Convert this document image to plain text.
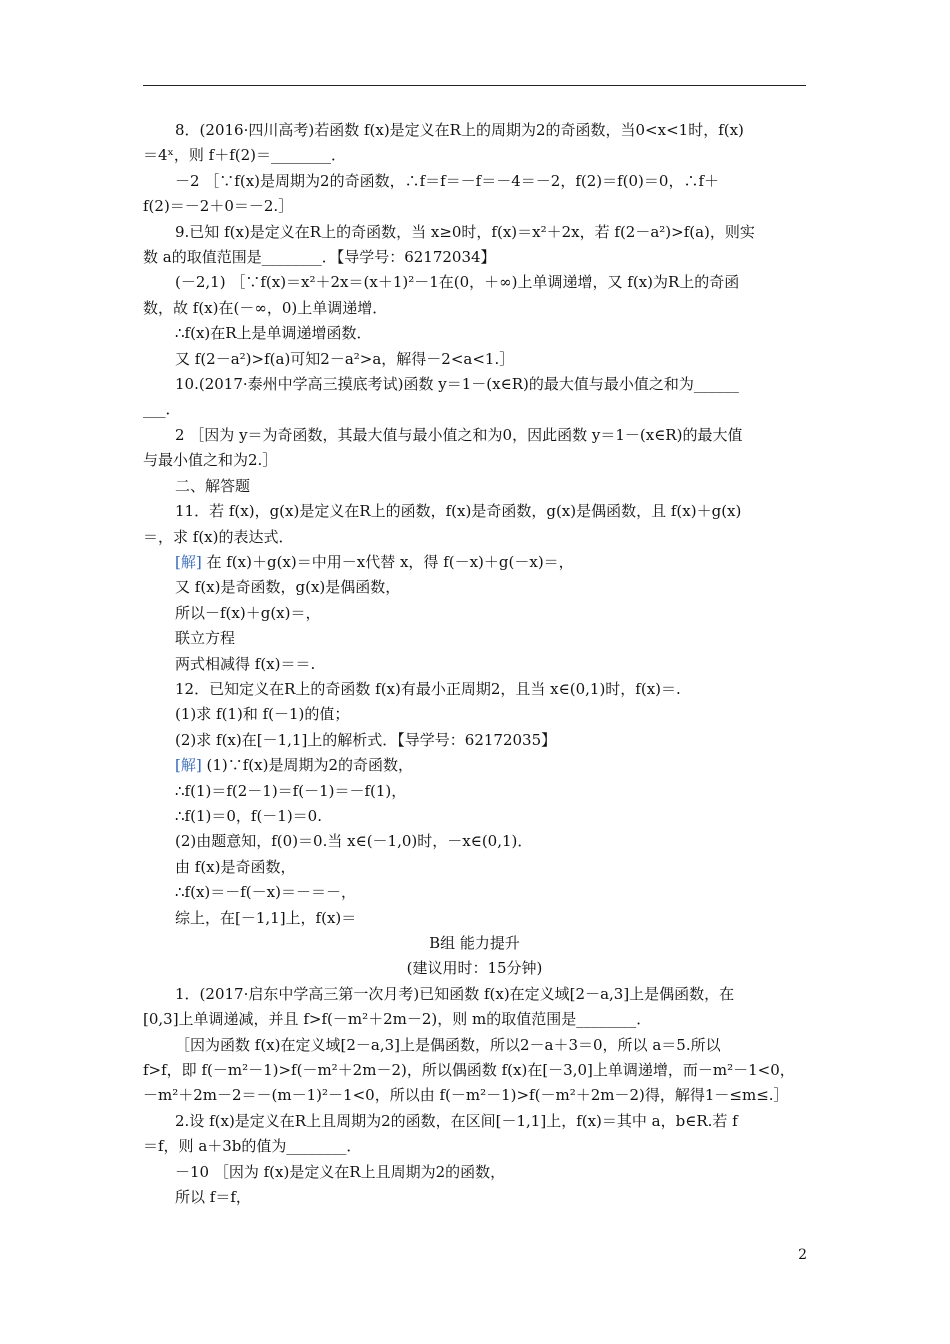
8．(2016·四川高考)若函数 f(x)是定义在R上的周期为2的奇函数，当0<x<1时，f(x)
＝4ˣ，则 f＋f(2)＝________．
－2 ［∵f(x)是周期为2的奇函数，∴f＝f＝－f＝－4＝－2，f(2)＝f(0)＝0，∴f＋
f(2)＝－2＋0＝－2.］
9.已知 f(x)是定义在R上的奇函数，当 x≥0时，f(x)＝x²＋2x，若 f(2－a²)>f(a)，则实
数 a的取值范围是________．【导学号：62172034】
(－2,1) ［∵f(x)＝x²＋2x＝(x＋1)²－1在(0，＋∞)上单调递增，又 f(x)为R上的奇函
数，故 f(x)在(－∞，0)上单调递增．
∴f(x)在R上是单调递增函数．
又 f(2－a²)>f(a)可知2－a²>a，解得－2<a<1.］
10.(2017·泰州中学高三摸底考试)函数 y＝1－(x∈R)的最大值与最小值之和为______
___．
2 ［因为 y＝为奇函数，其最大值与最小值之和为0，因此函数 y＝1－(x∈R)的最大值
与最小值之和为2.］
二、解答题
11．若 f(x)，g(x)是定义在R上的函数，f(x)是奇函数，g(x)是偶函数，且 f(x)＋g(x)
＝，求 f(x)的表达式．
[解] 在 f(x)＋g(x)＝中用－x代替 x，得 f(－x)＋g(－x)＝，
又 f(x)是奇函数，g(x)是偶函数，
所以－f(x)＋g(x)＝，
联立方程
两式相减得 f(x)＝＝.
12．已知定义在R上的奇函数 f(x)有最小正周期2，且当 x∈(0,1)时，f(x)＝.
(1)求 f(1)和 f(－1)的值；
(2)求 f(x)在[－1,1]上的解析式．【导学号：62172035】
[解] (1)∵f(x)是周期为2的奇函数，
∴f(1)＝f(2－1)＝f(－1)＝－f(1)，
∴f(1)＝0，f(－1)＝0.
(2)由题意知，f(0)＝0.当 x∈(－1,0)时，－x∈(0,1)．
由 f(x)是奇函数，
∴f(x)＝－f(－x)＝－＝－，
综上，在[－1,1]上，f(x)＝
B组 能力提升
(建议用时：15分钟)
1．(2017·启东中学高三第一次月考)已知函数 f(x)在定义域[2－a,3]上是偶函数，在
[0,3]上单调递减，并且 f>f(－m²＋2m－2)，则 m的取值范围是________．
［因为函数 f(x)在定义域[2－a,3]上是偶函数，所以2－a＋3＝0，所以 a＝5.所以
f>f，即 f(－m²－1)>f(－m²＋2m－2)，所以偶函数 f(x)在[－3,0]上单调递增，而－m²－1<0，
－m²＋2m－2＝－(m－1)²－1<0，所以由 f(－m²－1)>f(－m²＋2m－2)得，解得1－≤m≤.］
2.设 f(x)是定义在R上且周期为2的函数，在区间[－1,1]上，f(x)＝其中 a，b∈R.若 f
＝f，则 a＋3b的值为________．
－10 ［因为 f(x)是定义在R上且周期为2的函数，
所以 f＝f，
2
